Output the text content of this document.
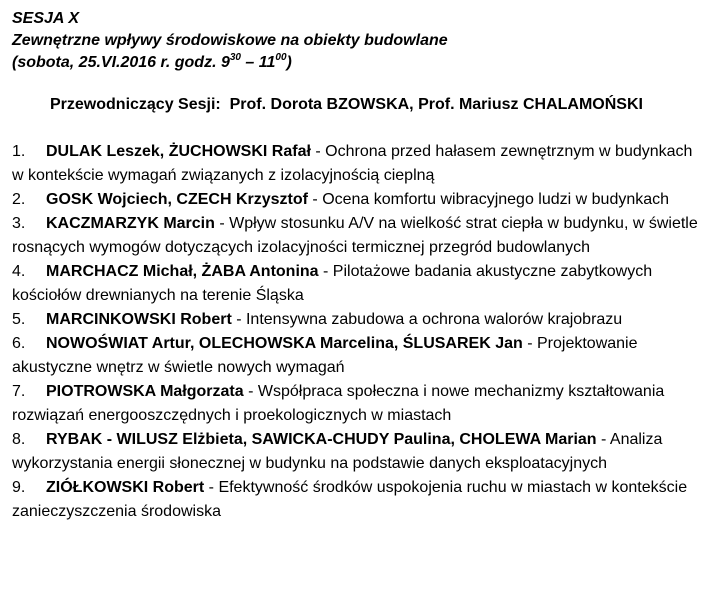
SESJA X
Zewnętrzne wpływy środowiskowe na obiekty budowlane
(sobota, 25.VI.2016 r. godz. $9^{30} - 11^{00}$)
Przewodniczący Sesji: Prof. Dorota BZOWSKA, Prof. Mariusz CHALAMOŃSKI
1. DULAK Leszek, ŻUCHOWSKI Rafał - Ochrona przed hałasem zewnętrznym w budynkach w kontekście wymagań związanych z izolacyjnością cieplną
2. GOSK Wojciech, CZECH Krzysztof - Ocena komfortu wibracyjnego ludzi w budynkach
3. KACZMARZYK Marcin - Wpływ stosunku A/V na wielkość strat ciepła w budynku, w świetle rosnących wymogów dotyczących izolacyjności termicznej przegród budowlanych
4. MARCHACZ Michał, ŻABA Antonina - Pilotażowe badania akustyczne zabytkowych kościołów drewnianych na terenie Śląska
5. MARCINKOWSKI Robert - Intensywna zabudowa a ochrona walorów krajobrazu
6. NOWOŚWIAT Artur, OLECHOWSKA Marcelina, ŚLUSAREK Jan - Projektowanie akustyczne wnętrz w świetle nowych wymagań
7. PIOTROWSKA Małgorzata - Współpraca społeczna i nowe mechanizmy kształtowania rozwiązań energooszczędnych i proekologicznych w miastach
8. RYBAK - WILUSZ Elżbieta, SAWICKA-CHUDY Paulina, CHOLEWA Marian - Analiza wykorzystania energii słonecznej w budynku na podstawie danych eksploatacyjnych
9. ZIÓŁKOWSKI Robert - Efektywność środków uspokojenia ruchu w miastach w kontekście zanieczyszczenia środowiska
